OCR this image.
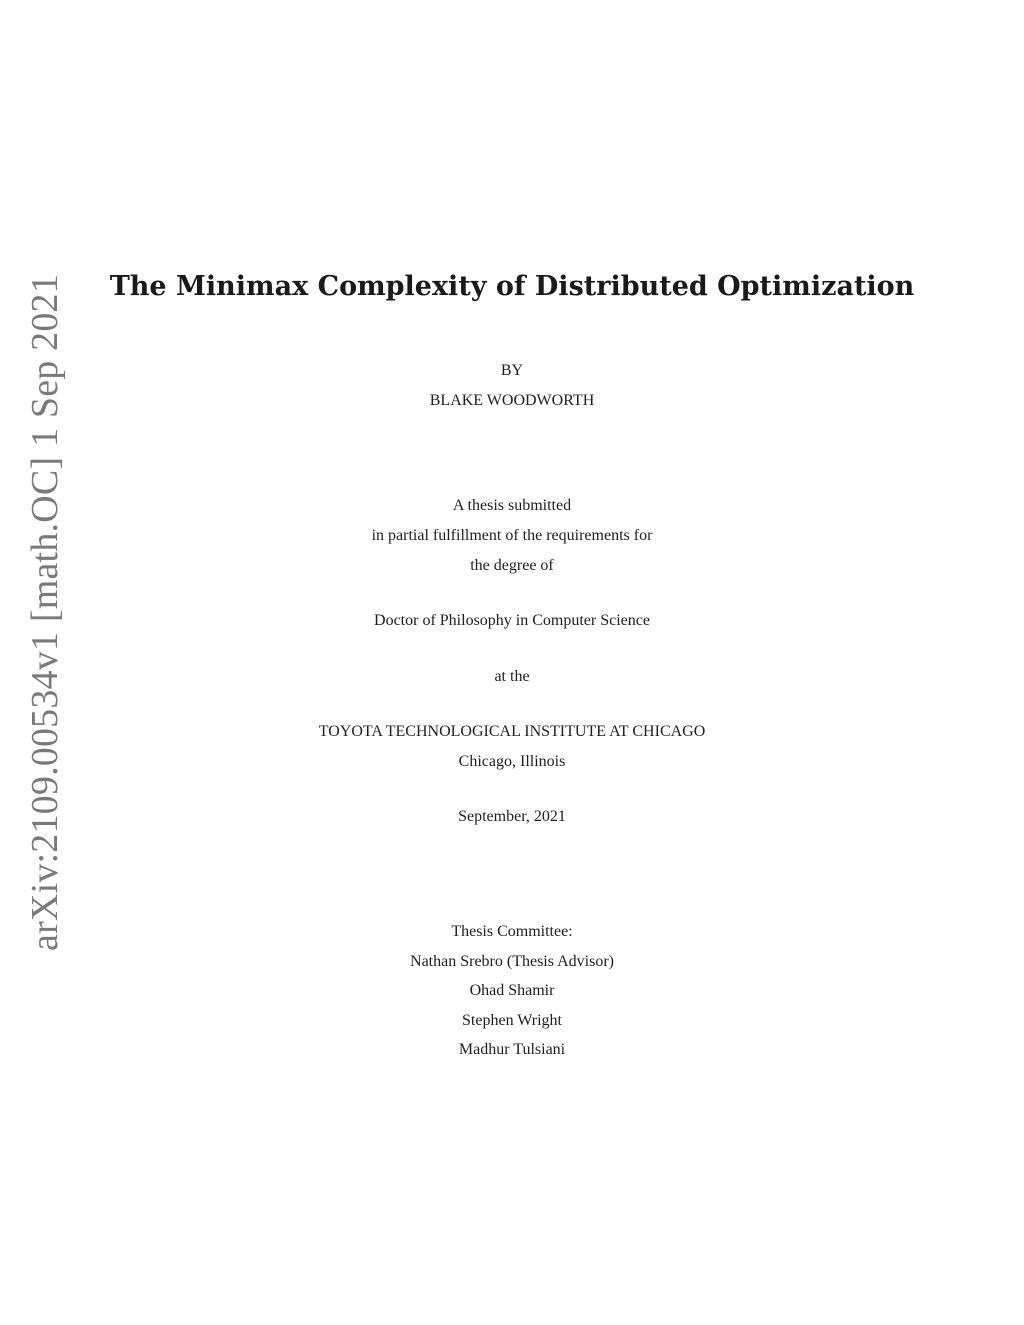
arXiv:2109.00534v1 [math.OC] 1 Sep 2021	The Minimax Complexity of Distributed Optimization
BY
BLAKE WOODWORTH
A thesis submitted
in partial fulfillment of the requirements for
the degree of
Doctor of Philosophy in Computer Science
at the
TOYOTA TECHNOLOGICAL INSTITUTE AT CHICAGO
Chicago, Illinois
September, 2021
Thesis Committee:
Nathan Srebro (Thesis Advisor)
Ohad Shamir
Stephen Wright
Madhur Tulsiani
